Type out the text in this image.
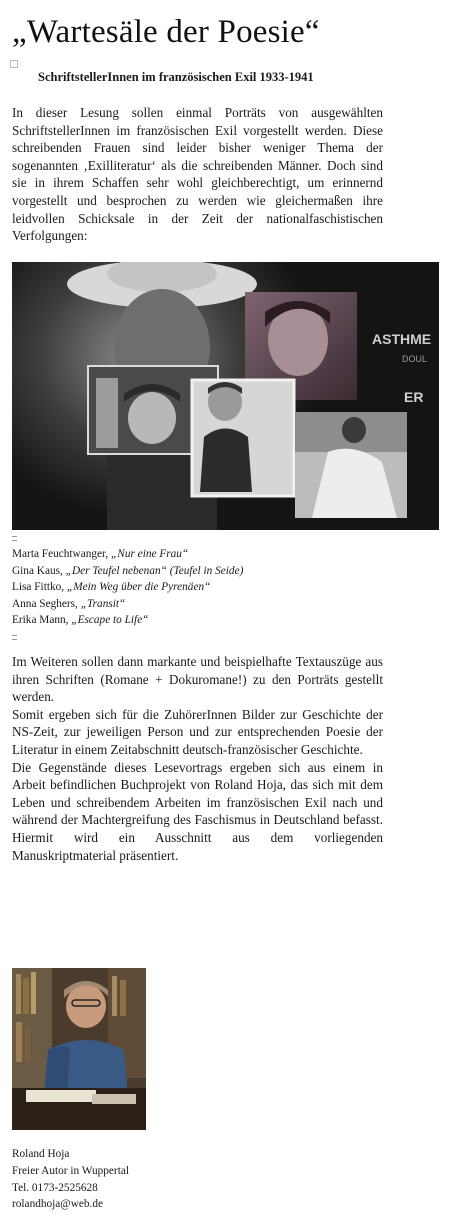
„Wartesäle der Poesie“
SchriftstellerInnen im französischen Exil 1933-1941

In dieser Lesung sollen einmal Porträts von ausgewählten SchriftstellerInnen im französischen Exil vorgestellt werden. Diese schreibenden Frauen sind leider bisher weniger Thema der sogenannten ‚Exilliteratur‘ als die schreibenden Männer. Doch sind sie in ihrem Schaffen sehr wohl gleichberechtigt, um erinnernd vorgestellt und besprochen zu werden wie gleichermaßen ihre leidvollen Schicksale in der Zeit der nationalfaschistischen Verfolgungen:

ASTHME
DOUL
ER
Marta Feuchtwanger, „Nur eine Frau“
Gina Kaus, „Der Teufel nebenan“ (Teufel in Seide)
Lisa Fittko, „Mein Weg über die Pyrenäen“
Anna Seghers, „Transit“
Erika Mann, „Escape to Life“

Im Weiteren sollen dann markante und beispielhafte Textauszüge aus ihren Schriften (Romane + Dokuromane!) zu den Porträts gestellt werden.

Somit ergeben sich für die ZuhörerInnen Bilder zur Geschichte der NS-Zeit, zur jeweiligen Person und zur entsprechenden Poesie der Literatur in einem Zeitabschnitt deutsch-französischer Geschichte.

Die Gegenstände dieses Lesevortrags ergeben sich aus einem in Arbeit befindlichen Buchprojekt von Roland Hoja, das sich mit dem Leben und schreibendem Arbeiten im französischen Exil nach und während der Machtergreifung des Faschismus in Deutschland befasst. Hiermit wird ein Ausschnitt aus dem vorliegenden Manuskriptmaterial präsentiert.

Roland Hoja
Freier Autor in Wuppertal
Tel. 0173-2525628
rolandhoja@web.de
